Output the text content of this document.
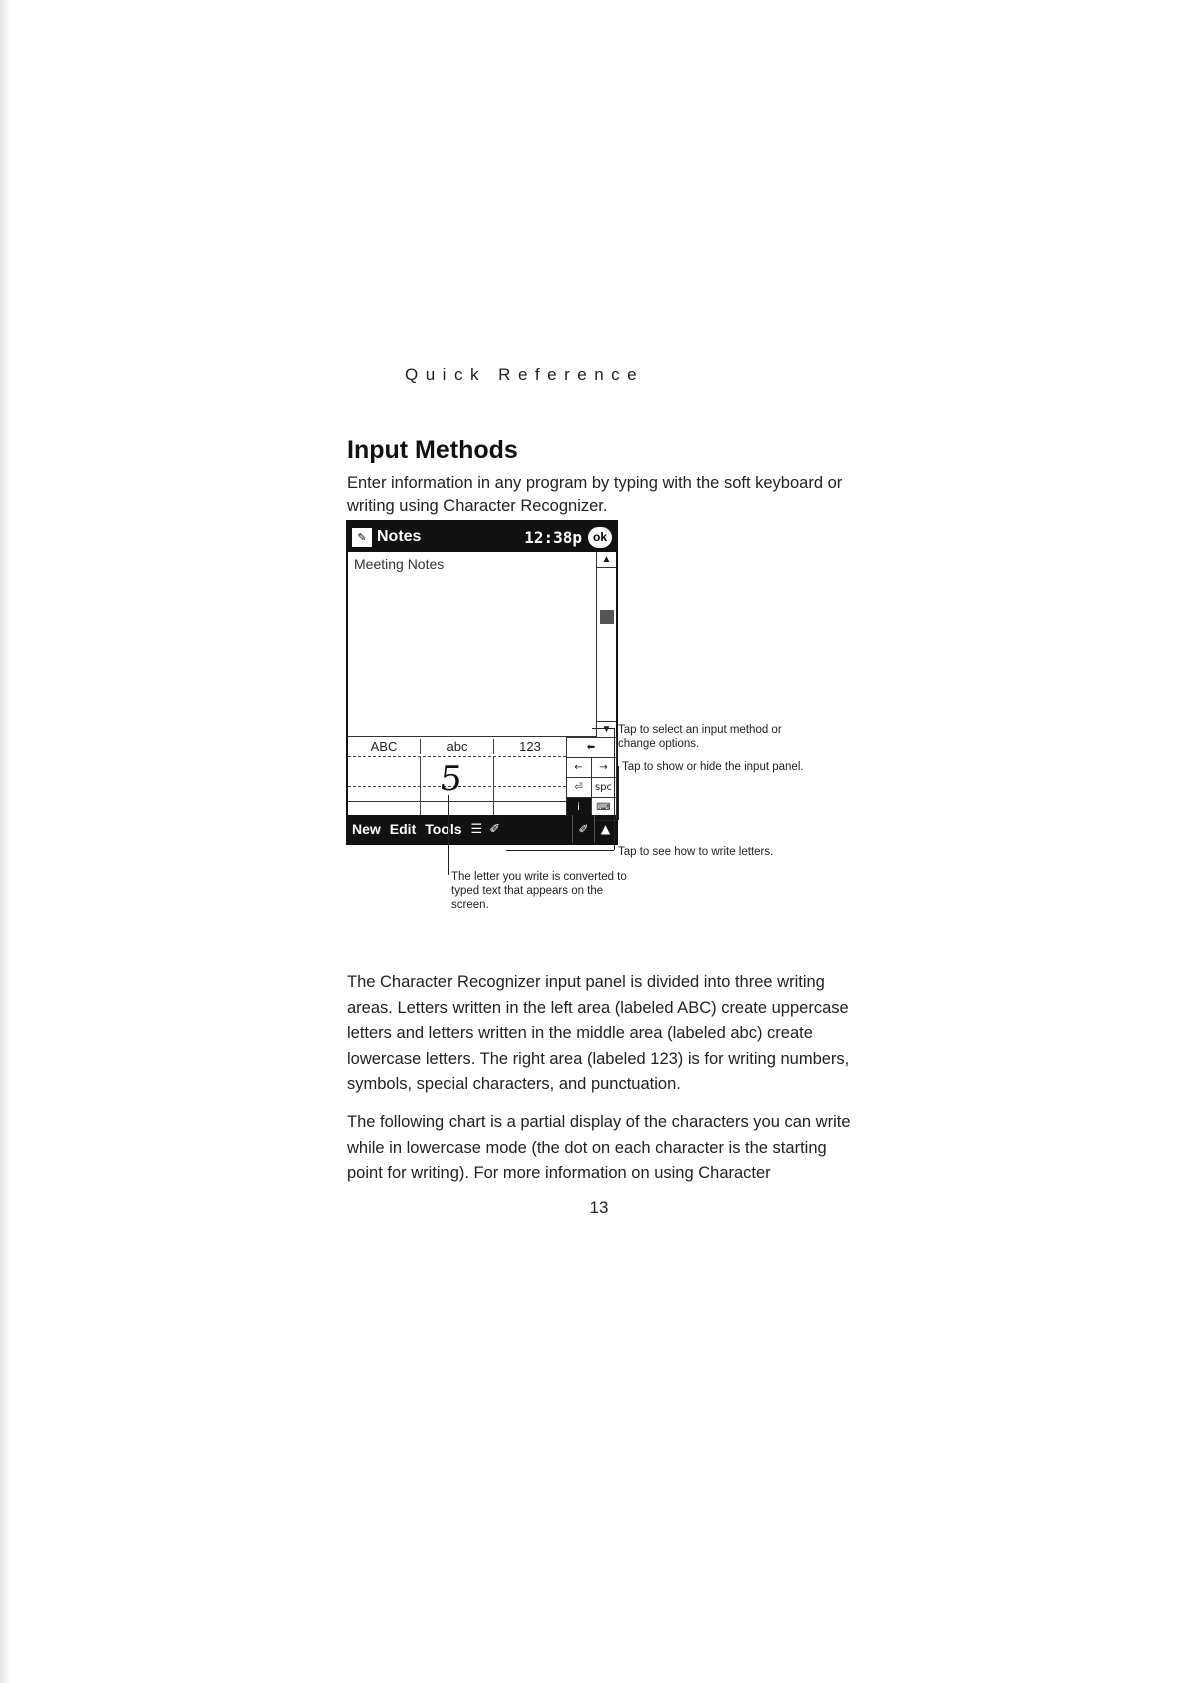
Quick Reference
Input Methods
Enter information in any program by typing with the soft keyboard or writing using Character Recognizer.
✎ Notes	12:38p ok
Meeting Notes	▲
▼
ABC	abc	123
5
⬅
←	→
⏎	spc
i	⌨
New Edit Tools ☰ ✐	✐	▲
Tap to select an input method or change options.
Tap to show or hide the input panel.
Tap to see how to write letters.
The letter you write is converted to typed text that appears on the screen.
The Character Recognizer input panel is divided into three writing areas. Letters written in the left area (labeled ABC) create uppercase letters and letters written in the middle area (labeled abc) create lowercase letters. The right area (labeled 123) is for writing numbers, symbols, special characters, and punctuation.
The following chart is a partial display of the characters you can write while in lowercase mode (the dot on each character is the starting point for writing). For more information on using Character
13
